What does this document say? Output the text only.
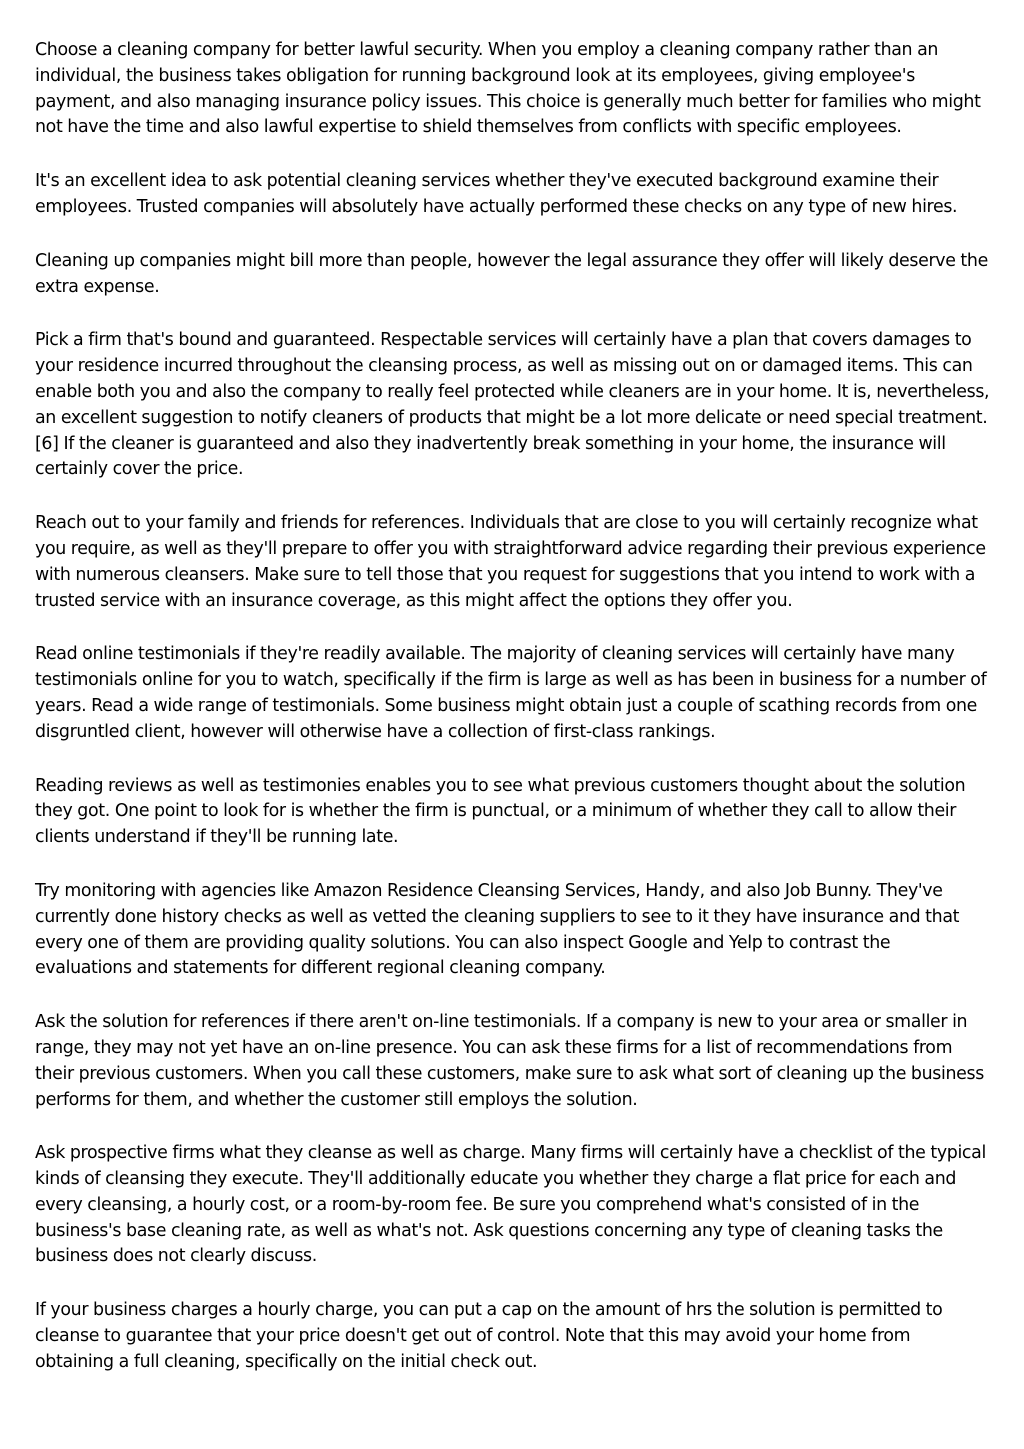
Choose a cleaning company for better lawful security. When you employ a cleaning company rather than an individual, the business takes obligation for running background look at its employees, giving employee's payment, and also managing insurance policy issues. This choice is generally much better for families who might not have the time and also lawful expertise to shield themselves from conflicts with specific employees.

It's an excellent idea to ask potential cleaning services whether they've executed background examine their employees. Trusted companies will absolutely have actually performed these checks on any type of new hires.

Cleaning up companies might bill more than people, however the legal assurance they offer will likely deserve the extra expense.

Pick a firm that's bound and guaranteed. Respectable services will certainly have a plan that covers damages to your residence incurred throughout the cleansing process, as well as missing out on or damaged items. This can enable both you and also the company to really feel protected while cleaners are in your home. It is, nevertheless, an excellent suggestion to notify cleaners of products that might be a lot more delicate or need special treatment. [6] If the cleaner is guaranteed and also they inadvertently break something in your home, the insurance will certainly cover the price.

Reach out to your family and friends for references. Individuals that are close to you will certainly recognize what you require, as well as they'll prepare to offer you with straightforward advice regarding their previous experience with numerous cleansers. Make sure to tell those that you request for suggestions that you intend to work with a trusted service with an insurance coverage, as this might affect the options they offer you.

Read online testimonials if they're readily available. The majority of cleaning services will certainly have many testimonials online for you to watch, specifically if the firm is large as well as has been in business for a number of years. Read a wide range of testimonials. Some business might obtain just a couple of scathing records from one disgruntled client, however will otherwise have a collection of first-class rankings.

Reading reviews as well as testimonies enables you to see what previous customers thought about the solution they got. One point to look for is whether the firm is punctual, or a minimum of whether they call to allow their clients understand if they'll be running late.

Try monitoring with agencies like Amazon Residence Cleansing Services, Handy, and also Job Bunny. They've currently done history checks as well as vetted the cleaning suppliers to see to it they have insurance and that every one of them are providing quality solutions. You can also inspect Google and Yelp to contrast the evaluations and statements for different regional cleaning company.

Ask the solution for references if there aren't on-line testimonials. If a company is new to your area or smaller in range, they may not yet have an on-line presence. You can ask these firms for a list of recommendations from their previous customers. When you call these customers, make sure to ask what sort of cleaning up the business performs for them, and whether the customer still employs the solution.

Ask prospective firms what they cleanse as well as charge. Many firms will certainly have a checklist of the typical kinds of cleansing they execute. They'll additionally educate you whether they charge a flat price for each and every cleansing, a hourly cost, or a room-by-room fee. Be sure you comprehend what's consisted of in the business's base cleaning rate, as well as what's not. Ask questions concerning any type of cleaning tasks the business does not clearly discuss.

If your business charges a hourly charge, you can put a cap on the amount of hrs the solution is permitted to cleanse to guarantee that your price doesn't get out of control. Note that this may avoid your home from obtaining a full cleaning, specifically on the initial check out.
